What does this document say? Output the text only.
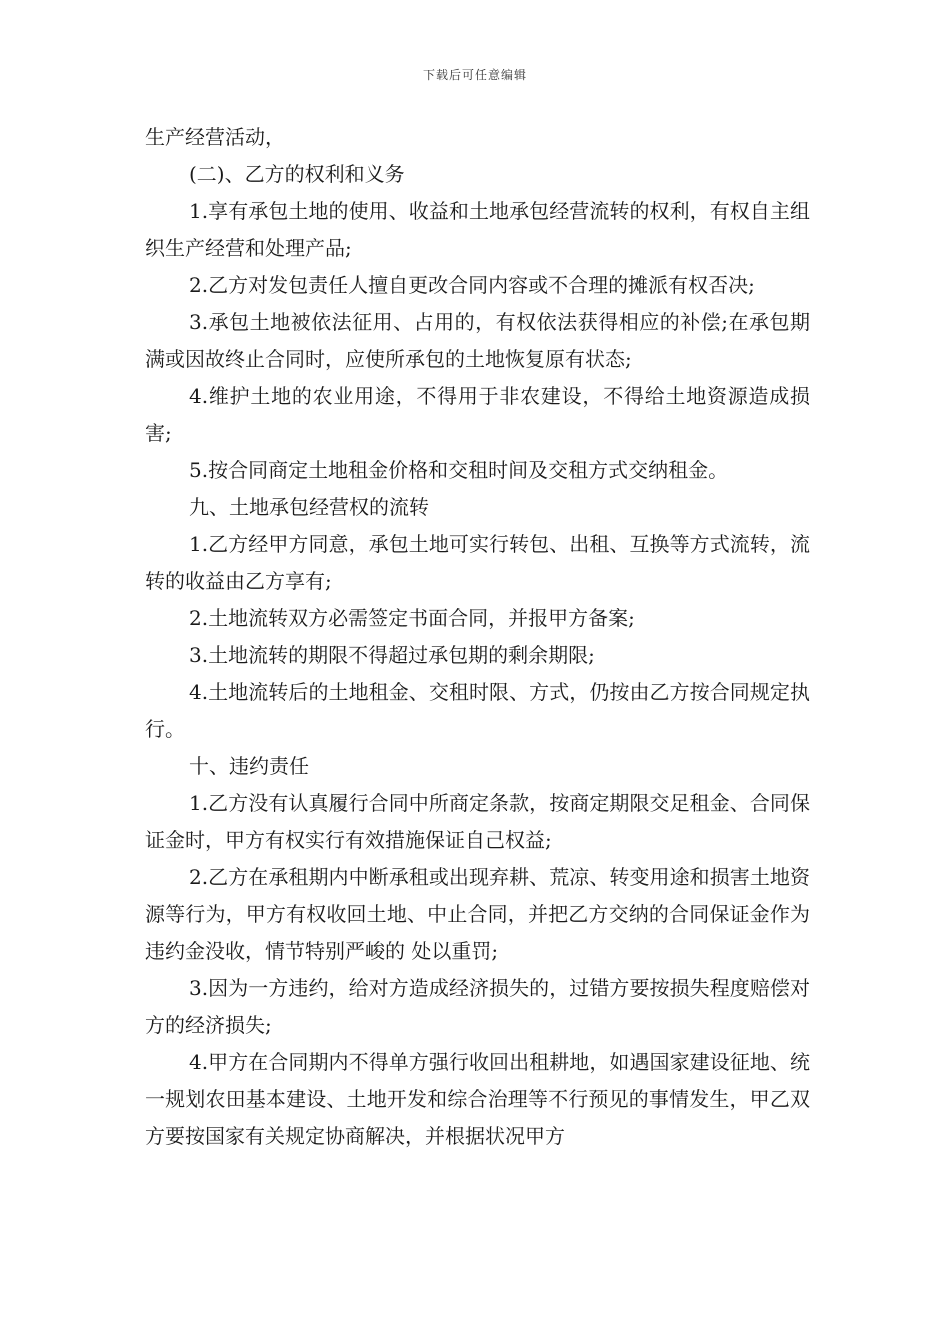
下载后可任意编辑

生产经营活动，

(二)、乙方的权利和义务

1.享有承包土地的使用、收益和土地承包经营流转的权利，有权自主组织生产经营和处理产品;

2.乙方对发包责任人擅自更改合同内容或不合理的摊派有权否决;

3.承包土地被依法征用、占用的，有权依法获得相应的补偿;在承包期满或因故终止合同时，应使所承包的土地恢复原有状态;

4.维护土地的农业用途，不得用于非农建设，不得给土地资源造成损害;

5.按合同商定土地租金价格和交租时间及交租方式交纳租金。

九、土地承包经营权的流转

1.乙方经甲方同意，承包土地可实行转包、出租、互换等方式流转，流转的收益由乙方享有;

2.土地流转双方必需签定书面合同，并报甲方备案;

3.土地流转的期限不得超过承包期的剩余期限;

4.土地流转后的土地租金、交租时限、方式，仍按由乙方按合同规定执行。

十、违约责任

1.乙方没有认真履行合同中所商定条款，按商定期限交足租金、合同保证金时，甲方有权实行有效措施保证自己权益;

2.乙方在承租期内中断承租或出现弃耕、荒凉、转变用途和损害土地资源等行为，甲方有权收回土地、中止合同，并把乙方交纳的合同保证金作为违约金没收，情节特别严峻的 处以重罚;

3.因为一方违约，给对方造成经济损失的，过错方要按损失程度赔偿对方的经济损失;

4.甲方在合同期内不得单方强行收回出租耕地，如遇国家建设征地、统一规划农田基本建设、土地开发和综合治理等不行预见的事情发生，甲乙双方要按国家有关规定协商解决，并根据状况甲方
